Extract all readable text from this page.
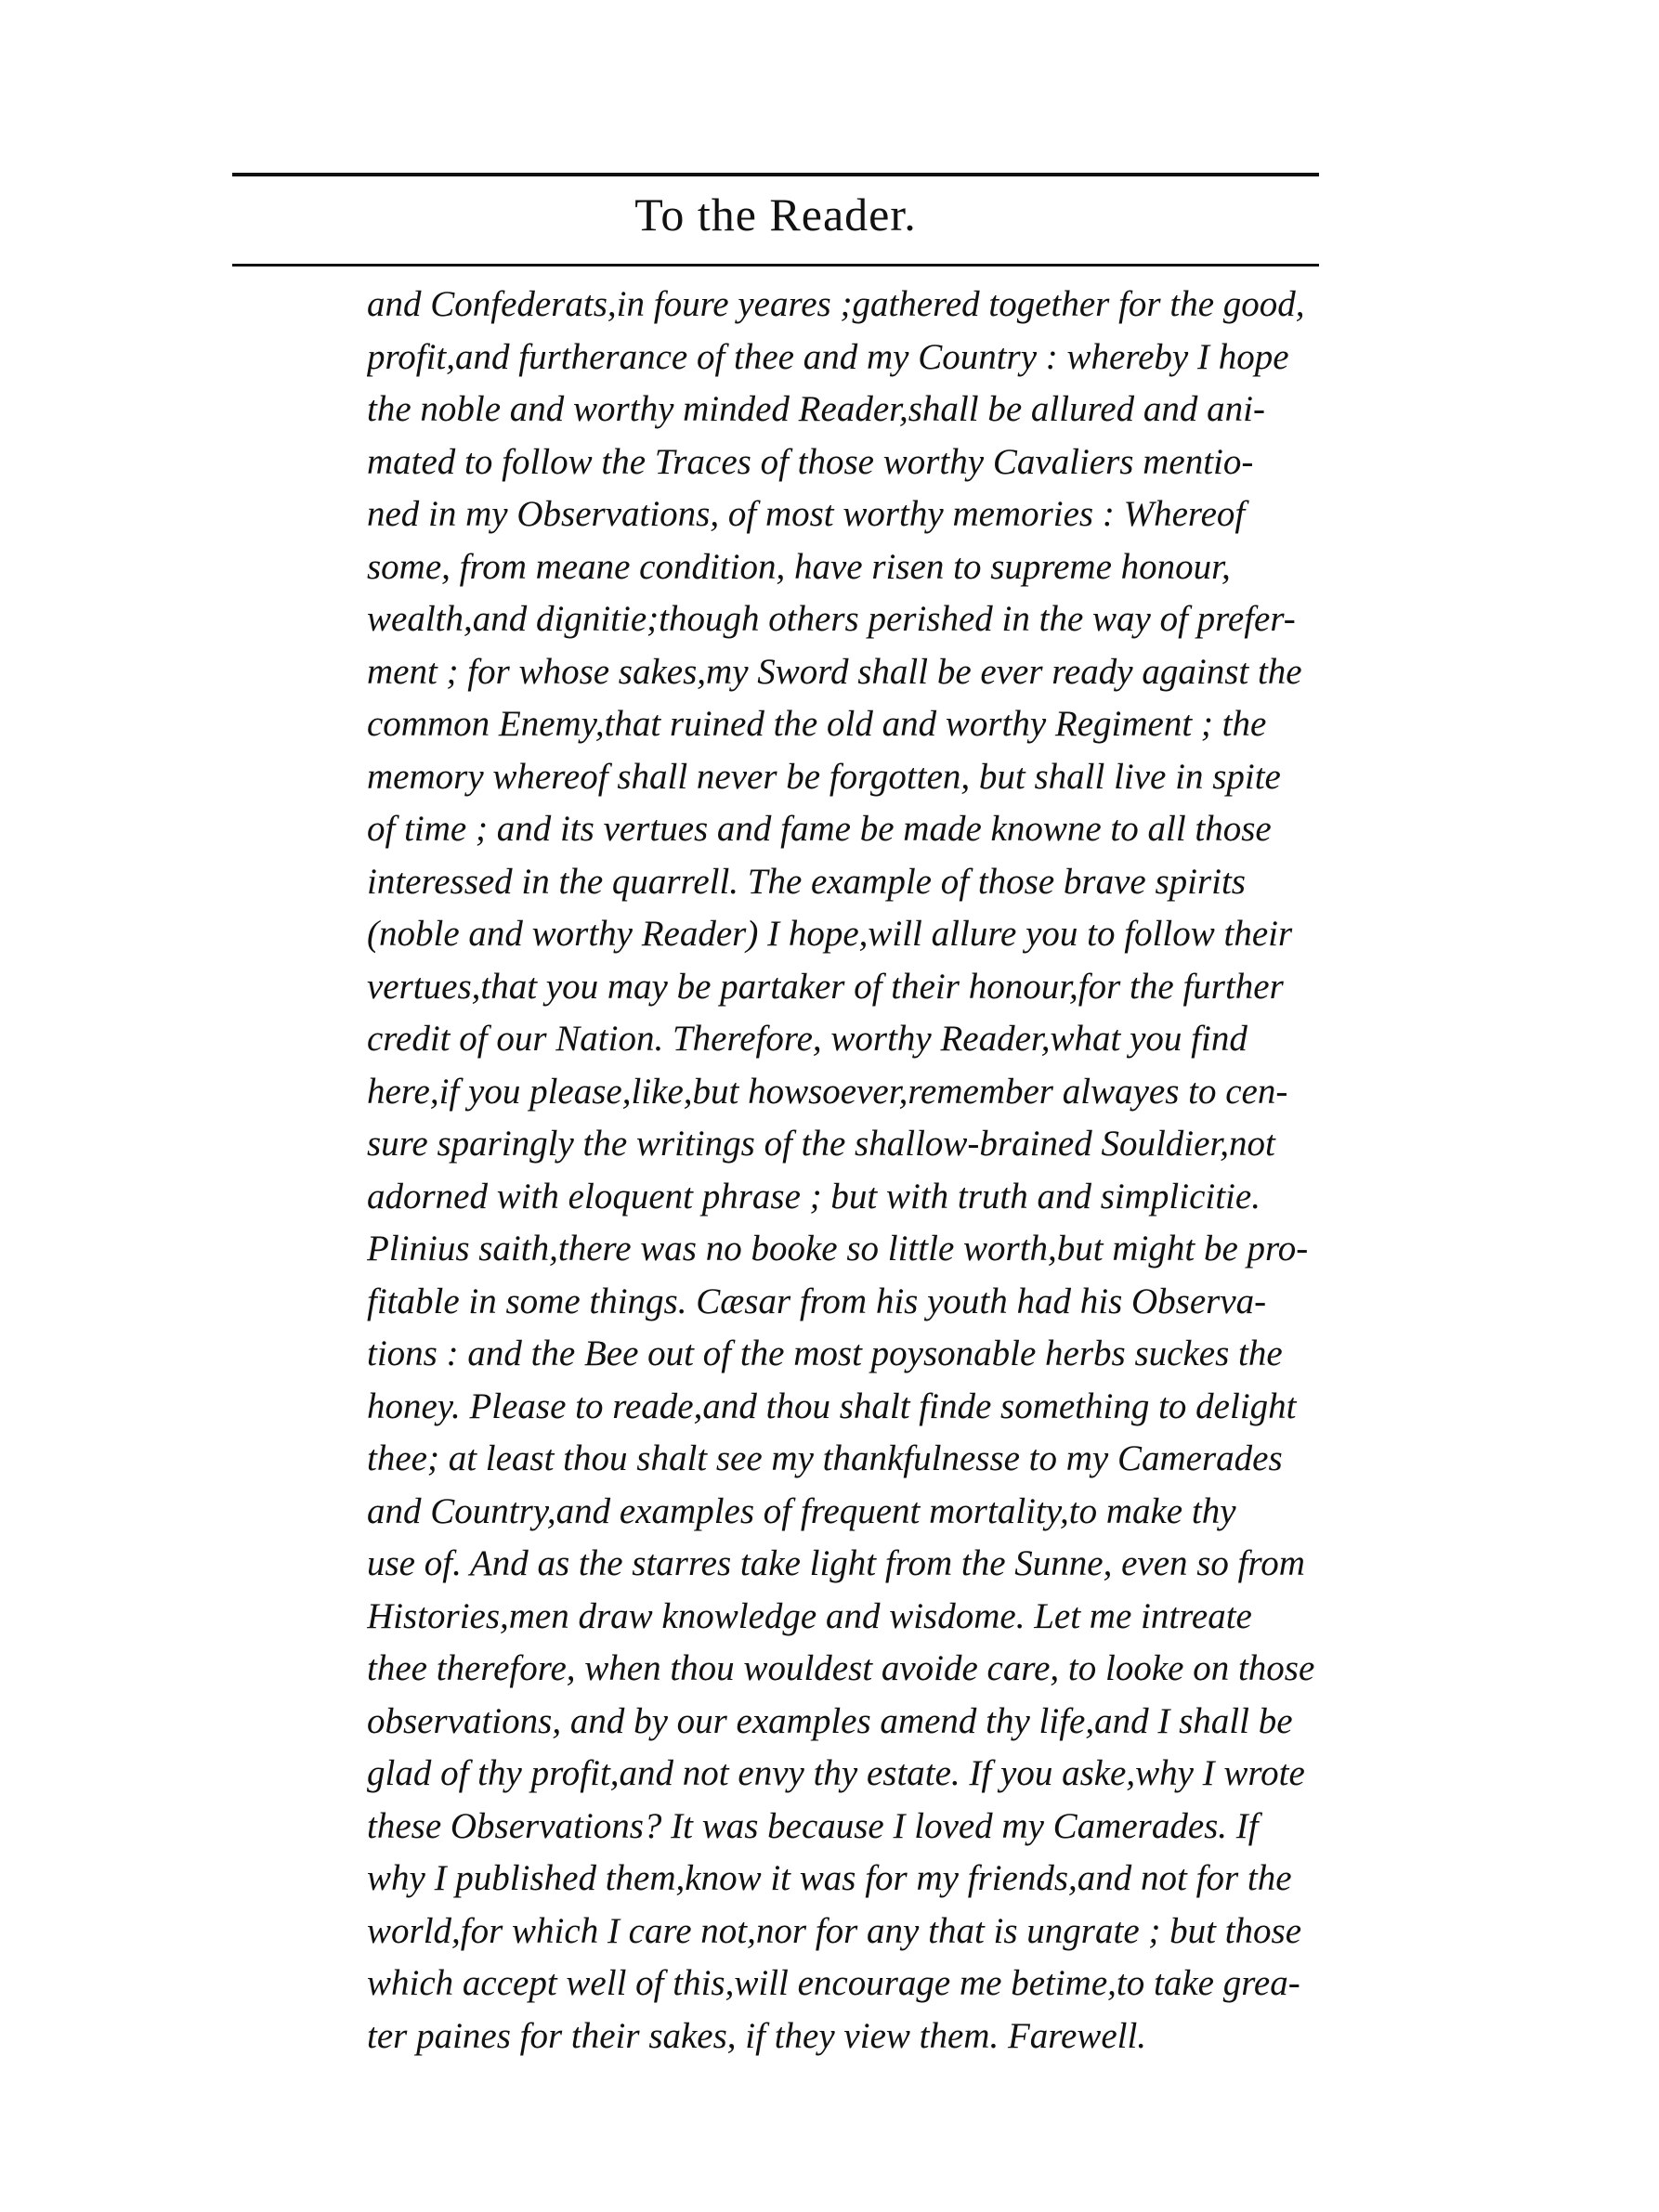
To the Reader.
and Confederats,in foure yeares ;gathered together for the good,
profit,and furtherance of thee and my Country : whereby I hope
the noble and worthy minded Reader,shall be allured and ani-
mated to follow the Traces of those worthy Cavaliers mentio-
ned in my Observations, of most worthy memories : Whereof
some, from meane condition, have risen to supreme honour,
wealth,and dignitie;though others perished in the way of prefer-
ment ; for whose sakes,my Sword shall be ever ready against the
common Enemy,that ruined the old and worthy Regiment ; the
memory whereof shall never be forgotten, but shall live in spite
of time ; and its vertues and fame be made knowne to all those
interessed in the quarrell. The example of those brave spirits
(noble and worthy Reader) I hope,will allure you to follow their
vertues,that you may be partaker of their honour,for the further
credit of our Nation. Therefore, worthy Reader,what you find
here,if you please,like,but howsoever,remember alwayes to cen-
sure sparingly the writings of the shallow-brained Souldier,not
adorned with eloquent phrase ; but with truth and simplicitie.
Plinius saith,there was no booke so little worth,but might be pro-
fitable in some things. Cæsar from his youth had his Observa-
tions : and the Bee out of the most poysonable herbs suckes the
honey. Please to reade,and thou shalt finde something to delight
thee; at least thou shalt see my thankfulnesse to my Camerades
and Country,and examples of frequent mortality,to make thy
use of. And as the starres take light from the Sunne, even so from
Histories,men draw knowledge and wisdome. Let me intreate
thee therefore, when thou wouldest avoide care, to looke on those
observations, and by our examples amend thy life,and I shall be
glad of thy profit,and not envy thy estate. If you aske,why I wrote
these Observations? It was because I loved my Camerades. If
why I published them,know it was for my friends,and not for the
world,for which I care not,nor for any that is ungrate ; but those
which accept well of this,will encourage me betime,to take grea-
ter paines for their sakes, if they view them. Farewell.
